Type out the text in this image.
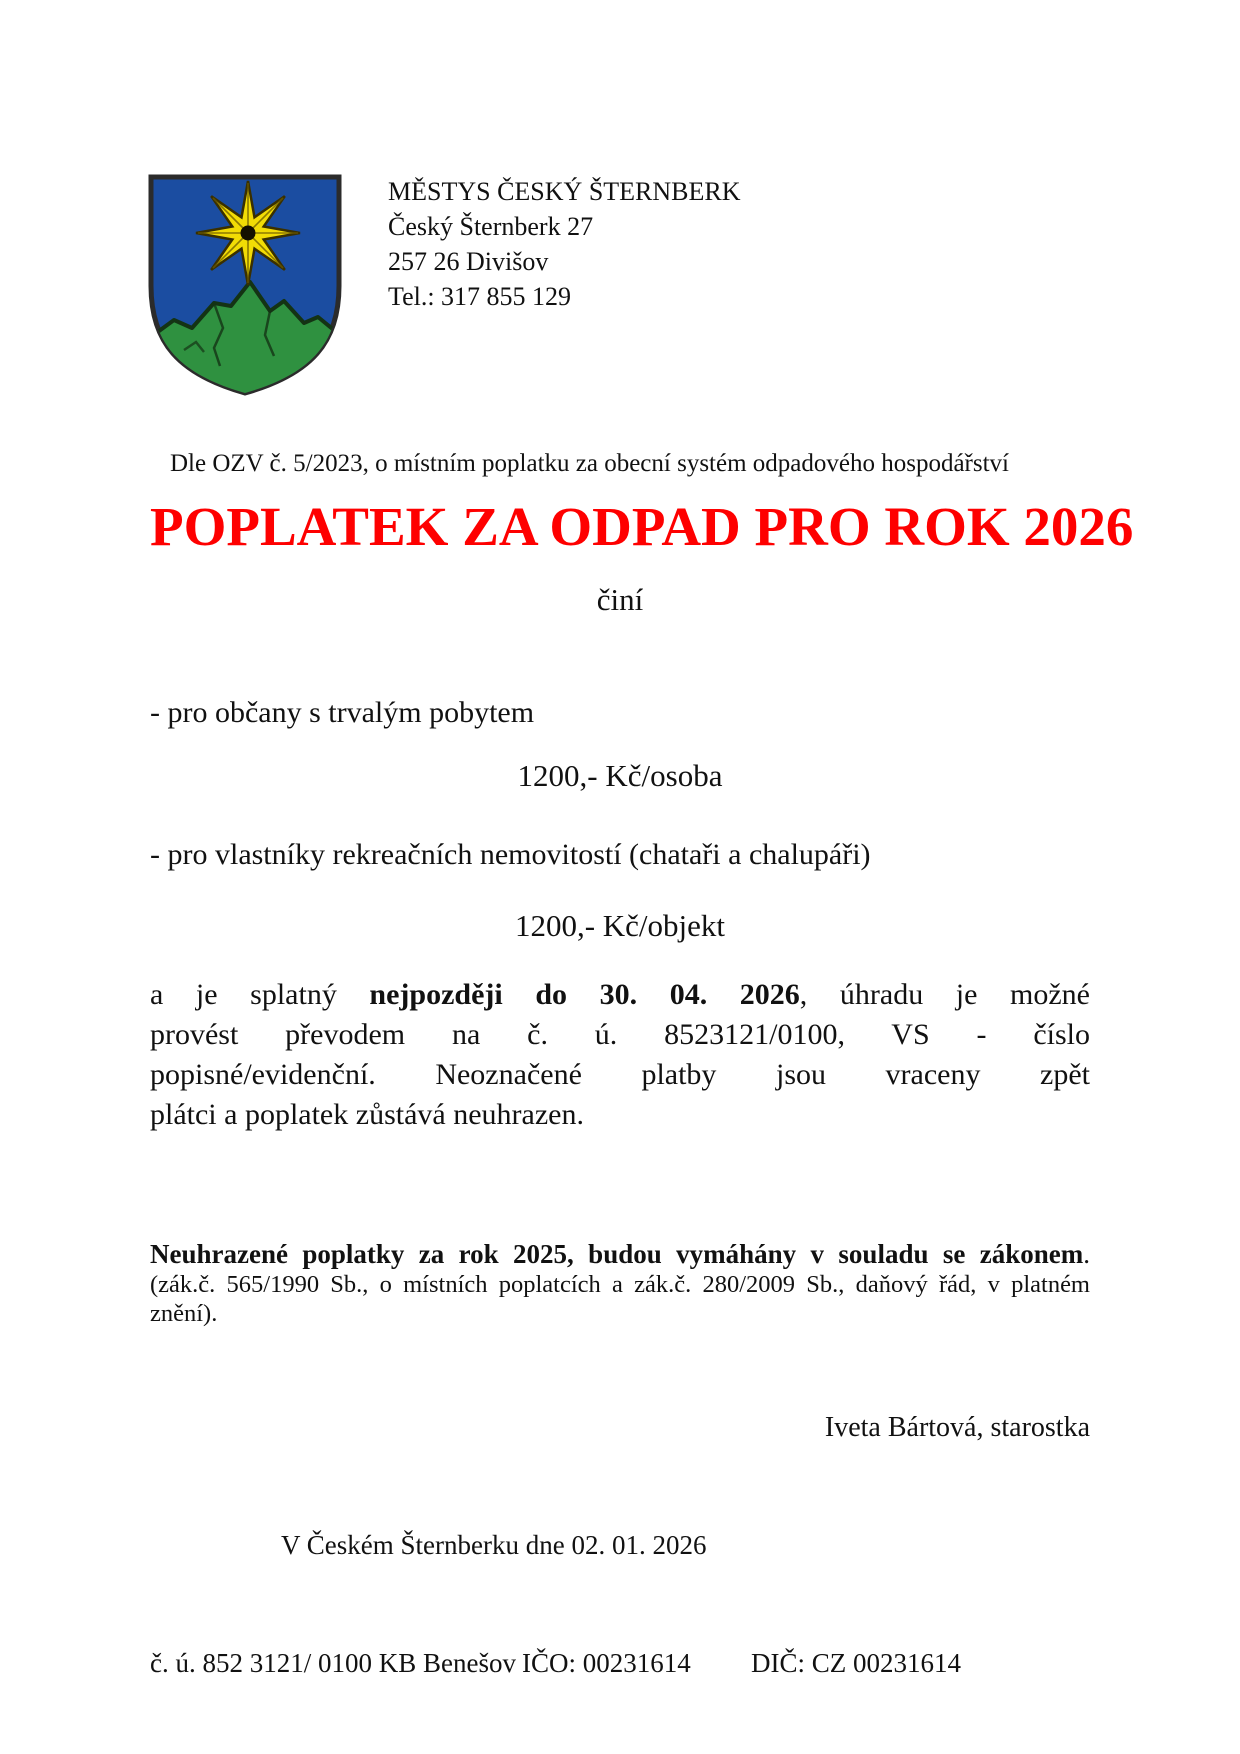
MĚSTYS ČESKÝ ŠTERNBERK
Český Šternberk 27
257 26 Divišov
Tel.: 317 855 129
Dle OZV č. 5/2023, o místním poplatku za obecní systém odpadového hospodářství
POPLATEK ZA ODPAD PRO ROK 2026
činí
- pro občany s trvalým pobytem
1200,- Kč/osoba
- pro vlastníky rekreačních nemovitostí (chataři a chalupáři)
1200,- Kč/objekt
a je splatný nejpozději do 30. 04. 2026, úhradu je možné
provést převodem na č. ú. 8523121/0100, VS - číslo
popisné/evidenční. Neoznačené platby jsou vraceny zpět
plátci a poplatek zůstává neuhrazen.
Neuhrazené poplatky za rok 2025, budou vymáhány v souladu se zákonem.
(zák.č. 565/1990 Sb., o místních poplatcích a zák.č. 280/2009 Sb., daňový řád, v platném
znění).
Iveta Bártová, starostka
V Českém Šternberku dne 02. 01. 2026
č. ú. 852 3121/ 0100 KB Benešov IČO: 00231614 DIČ: CZ 00231614
